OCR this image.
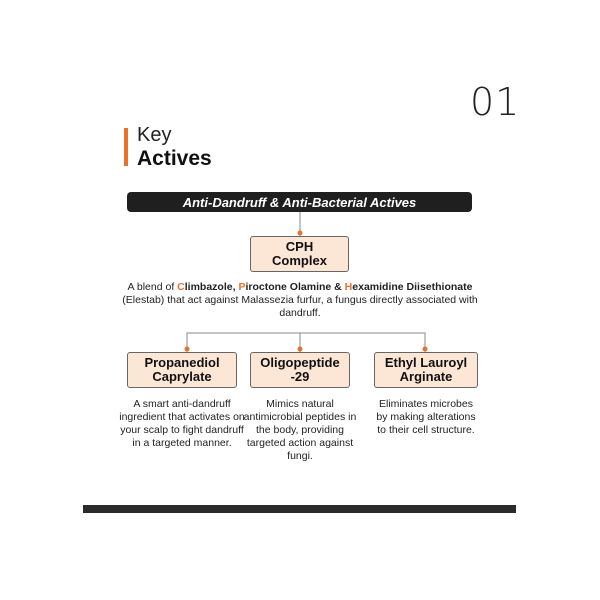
01
Key
Actives
Anti-Dandruff & Anti-Bacterial Actives
CPH
Complex

A blend of Climbazole, Piroctone Olamine & Hexamidine Diisethionate
(Elestab) that act against Malassezia furfur, a fungus directly associated with dandruff.

Propanediol
Caprylate
Oligopeptide
-29
Ethyl Lauroyl
Arginate

A smart anti-dandruff ingredient that activates on your scalp to fight dandruff in a targeted manner.

Mimics natural antimicrobial peptides in the body, providing targeted action against fungi.

Eliminates microbes by making alterations to their cell structure.
